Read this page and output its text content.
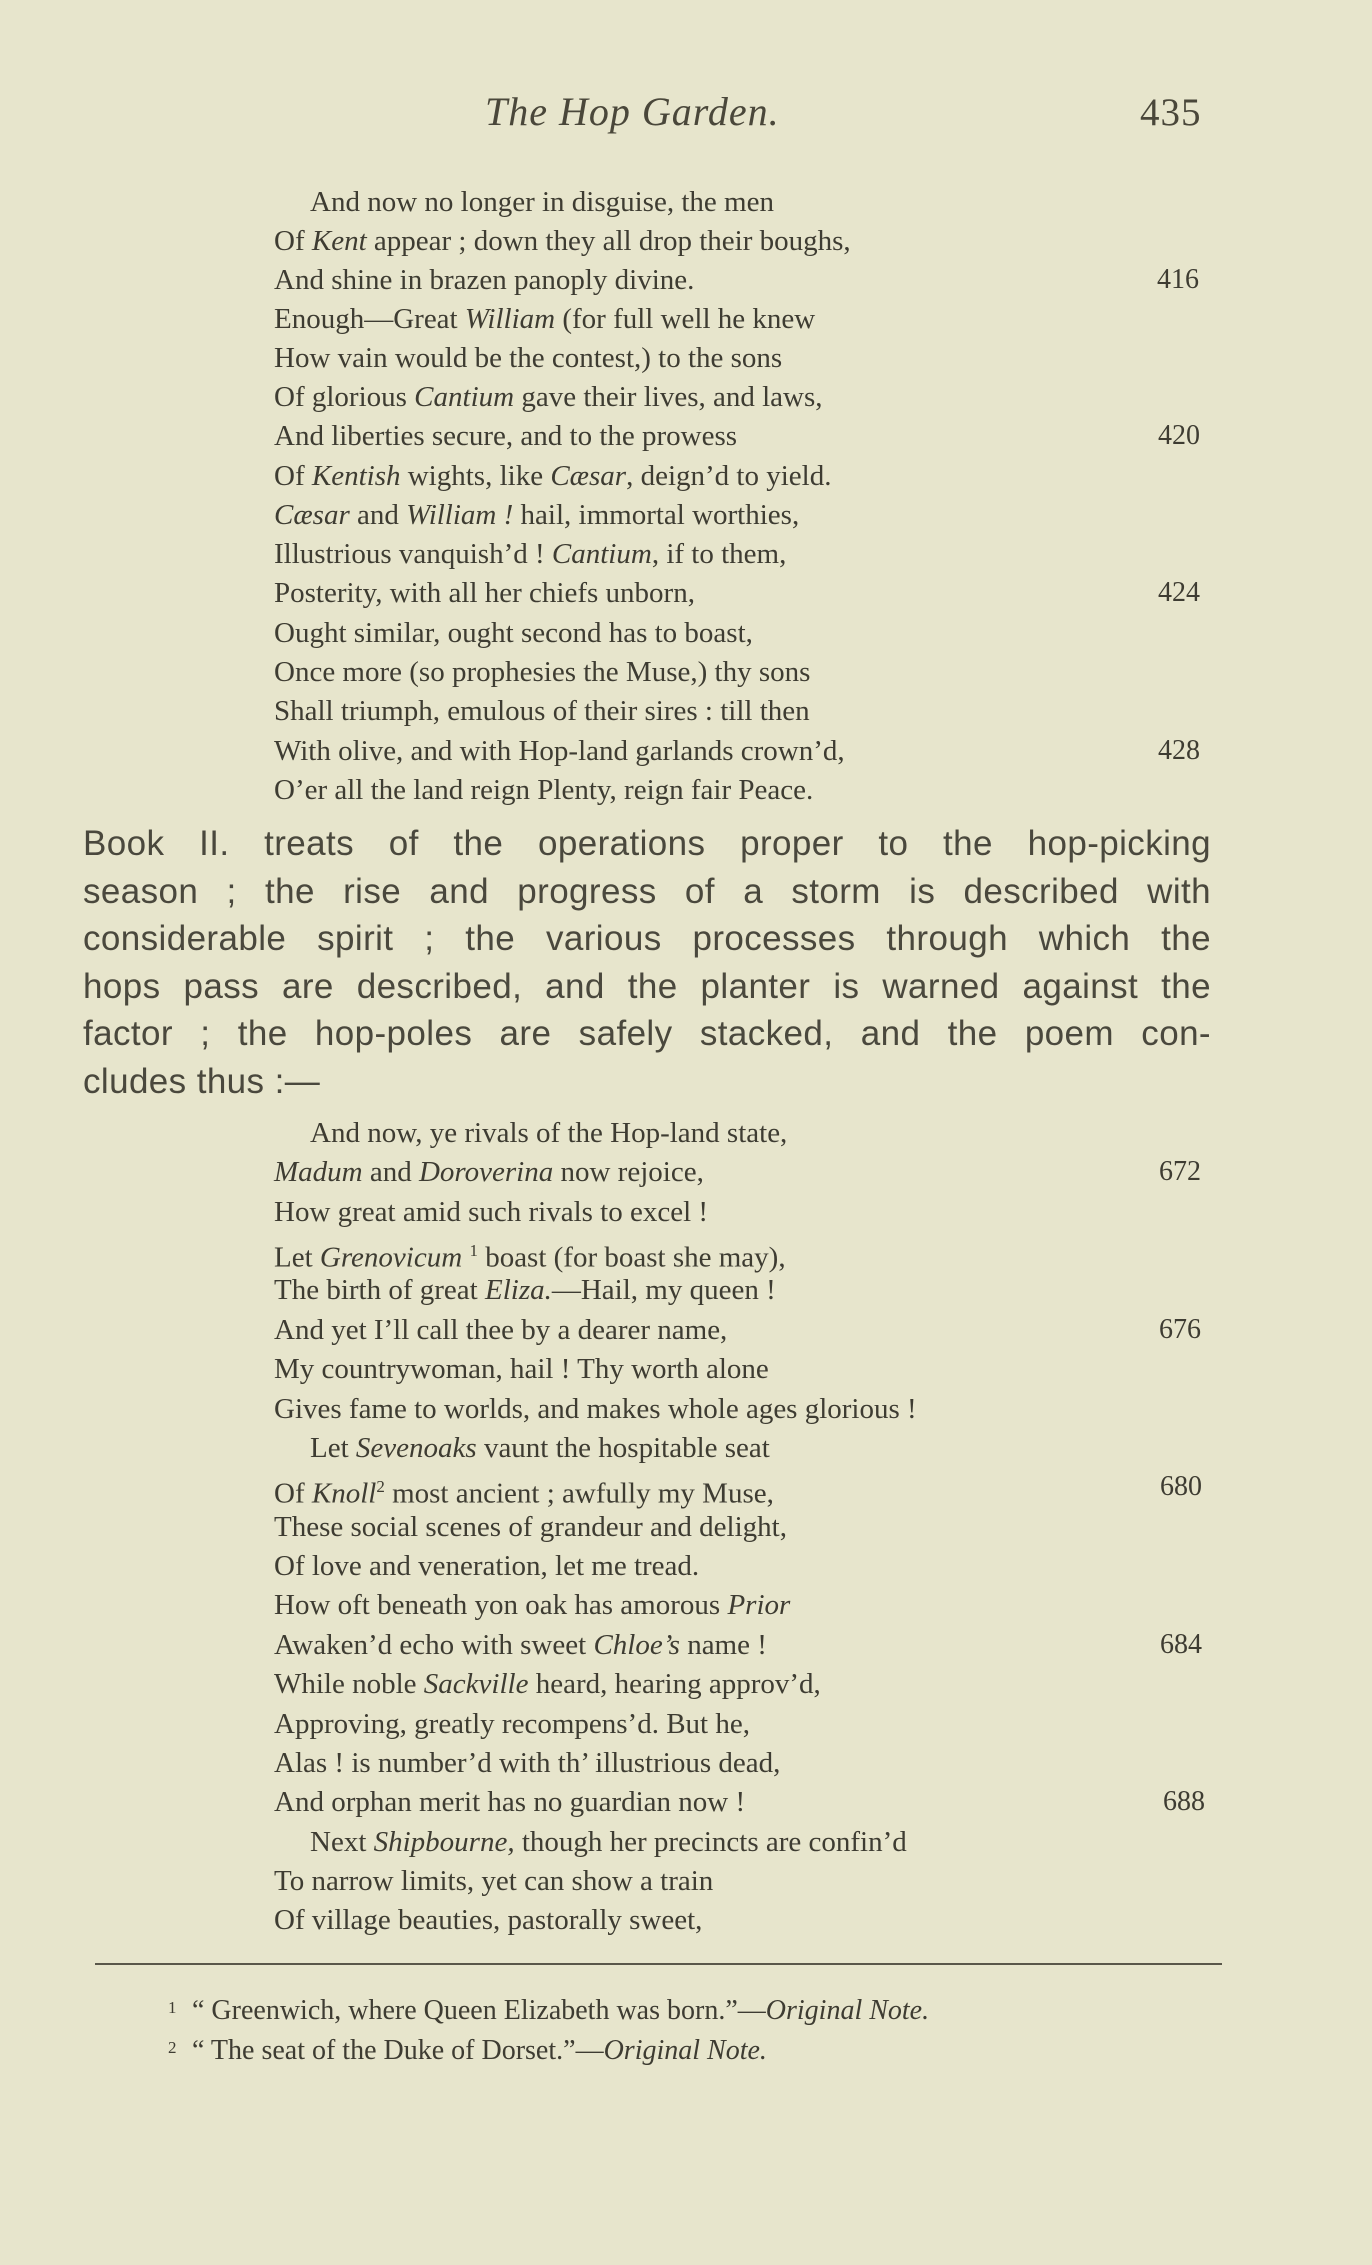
The Hop Garden.	435
And now no longer in disguise, the men
Of Kent appear ; down they all drop their boughs,
And shine in brazen panoply divine.	416
Enough—Great William (for full well he knew
How vain would be the contest,) to the sons
Of glorious Cantium gave their lives, and laws,
And liberties secure, and to the prowess	420
Of Kentish wights, like Cæsar, deign’d to yield.
Cæsar and William ! hail, immortal worthies,
Illustrious vanquish’d ! Cantium, if to them,
Posterity, with all her chiefs unborn,	424
Ought similar, ought second has to boast,
Once more (so prophesies the Muse,) thy sons
Shall triumph, emulous of their sires : till then
With olive, and with Hop-land garlands crown’d,	428
O’er all the land reign Plenty, reign fair Peace.
Book II. treats of the operations proper to the hop-picking
season ; the rise and progress of a storm is described with
considerable spirit ; the various processes through which the
hops pass are described, and the planter is warned against the
factor ; the hop-poles are safely stacked, and the poem con-
cludes thus :—
And now, ye rivals of the Hop-land state,
Madum and Doroverina now rejoice,	672
How great amid such rivals to excel !
Let Grenovicum $^1$ boast (for boast she may),
The birth of great Eliza.—Hail, my queen !
And yet I’ll call thee by a dearer name,	676
My countrywoman, hail ! Thy worth alone
Gives fame to worlds, and makes whole ages glorious !
Let Sevenoaks vaunt the hospitable seat
Of Knoll$^2$ most ancient ; awfully my Muse,	680
These social scenes of grandeur and delight,
Of love and veneration, let me tread.
How oft beneath yon oak has amorous Prior
Awaken’d echo with sweet Chloe’s name !	684
While noble Sackville heard, hearing approv’d,
Approving, greatly recompens’d. But he,
Alas ! is number’d with th’ illustrious dead,
And orphan merit has no guardian now !	688
Next Shipbourne, though her precincts are confin’d
To narrow limits, yet can show a train
Of village beauties, pastorally sweet,
1 “ Greenwich, where Queen Elizabeth was born.”—Original Note.
2 “ The seat of the Duke of Dorset.”—Original Note.
